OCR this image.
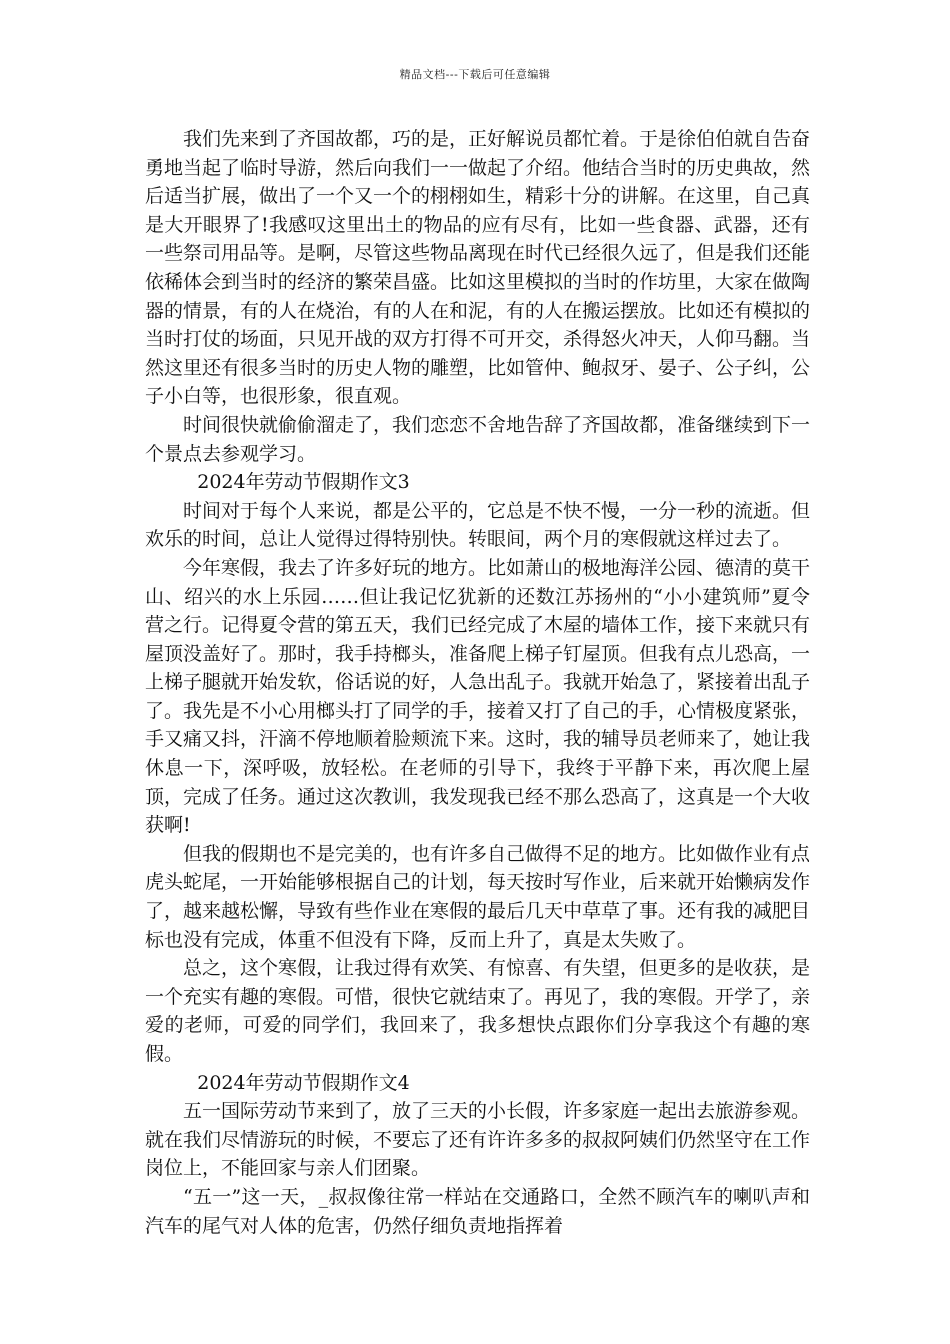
精品文档---下载后可任意编辑

我们先来到了齐国故都，巧的是，正好解说员都忙着。于是徐伯伯就自告奋勇地当起了临时导游，然后向我们一一做起了介绍。他结合当时的历史典故，然后适当扩展，做出了一个又一个的栩栩如生，精彩十分的讲解。在这里，自己真是大开眼界了!我感叹这里出土的物品的应有尽有，比如一些食器、武器，还有一些祭司用品等。是啊，尽管这些物品离现在时代已经很久远了，但是我们还能依稀体会到当时的经济的繁荣昌盛。比如这里模拟的当时的作坊里，大家在做陶器的情景，有的人在烧治，有的人在和泥，有的人在搬运摆放。比如还有模拟的当时打仗的场面，只见开战的双方打得不可开交，杀得怒火冲天，人仰马翻。当然这里还有很多当时的历史人物的雕塑，比如管仲、鲍叔牙、晏子、公子纠，公子小白等，也很形象，很直观。

时间很快就偷偷溜走了，我们恋恋不舍地告辞了齐国故都，准备继续到下一个景点去参观学习。

2024年劳动节假期作文3

时间对于每个人来说，都是公平的，它总是不快不慢，一分一秒的流逝。但欢乐的时间，总让人觉得过得特别快。转眼间，两个月的寒假就这样过去了。

今年寒假，我去了许多好玩的地方。比如萧山的极地海洋公园、德清的莫干山、绍兴的水上乐园……但让我记忆犹新的还数江苏扬州的“小小建筑师”夏令营之行。记得夏令营的第五天，我们已经完成了木屋的墙体工作，接下来就只有屋顶没盖好了。那时，我手持榔头，准备爬上梯子钉屋顶。但我有点儿恐高，一上梯子腿就开始发软，俗话说的好，人急出乱子。我就开始急了，紧接着出乱子了。我先是不小心用榔头打了同学的手，接着又打了自己的手，心情极度紧张，手又痛又抖，汗滴不停地顺着脸颊流下来。这时，我的辅导员老师来了，她让我休息一下，深呼吸，放轻松。在老师的引导下，我终于平静下来，再次爬上屋顶，完成了任务。通过这次教训，我发现我已经不那么恐高了，这真是一个大收获啊!

但我的假期也不是完美的，也有许多自己做得不足的地方。比如做作业有点虎头蛇尾，一开始能够根据自己的计划，每天按时写作业，后来就开始懒病发作了，越来越松懈，导致有些作业在寒假的最后几天中草草了事。还有我的减肥目标也没有完成，体重不但没有下降，反而上升了，真是太失败了。

总之，这个寒假，让我过得有欢笑、有惊喜、有失望，但更多的是收获，是一个充实有趣的寒假。可惜，很快它就结束了。再见了，我的寒假。开学了，亲爱的老师，可爱的同学们，我回来了，我多想快点跟你们分享我这个有趣的寒假。

2024年劳动节假期作文4

五一国际劳动节来到了，放了三天的小长假，许多家庭一起出去旅游参观。就在我们尽情游玩的时候，不要忘了还有许许多多的叔叔阿姨们仍然坚守在工作岗位上，不能回家与亲人们团聚。

“五一”这一天，_叔叔像往常一样站在交通路口，全然不顾汽车的喇叭声和汽车的尾气对人体的危害，仍然仔细负责地指挥着
